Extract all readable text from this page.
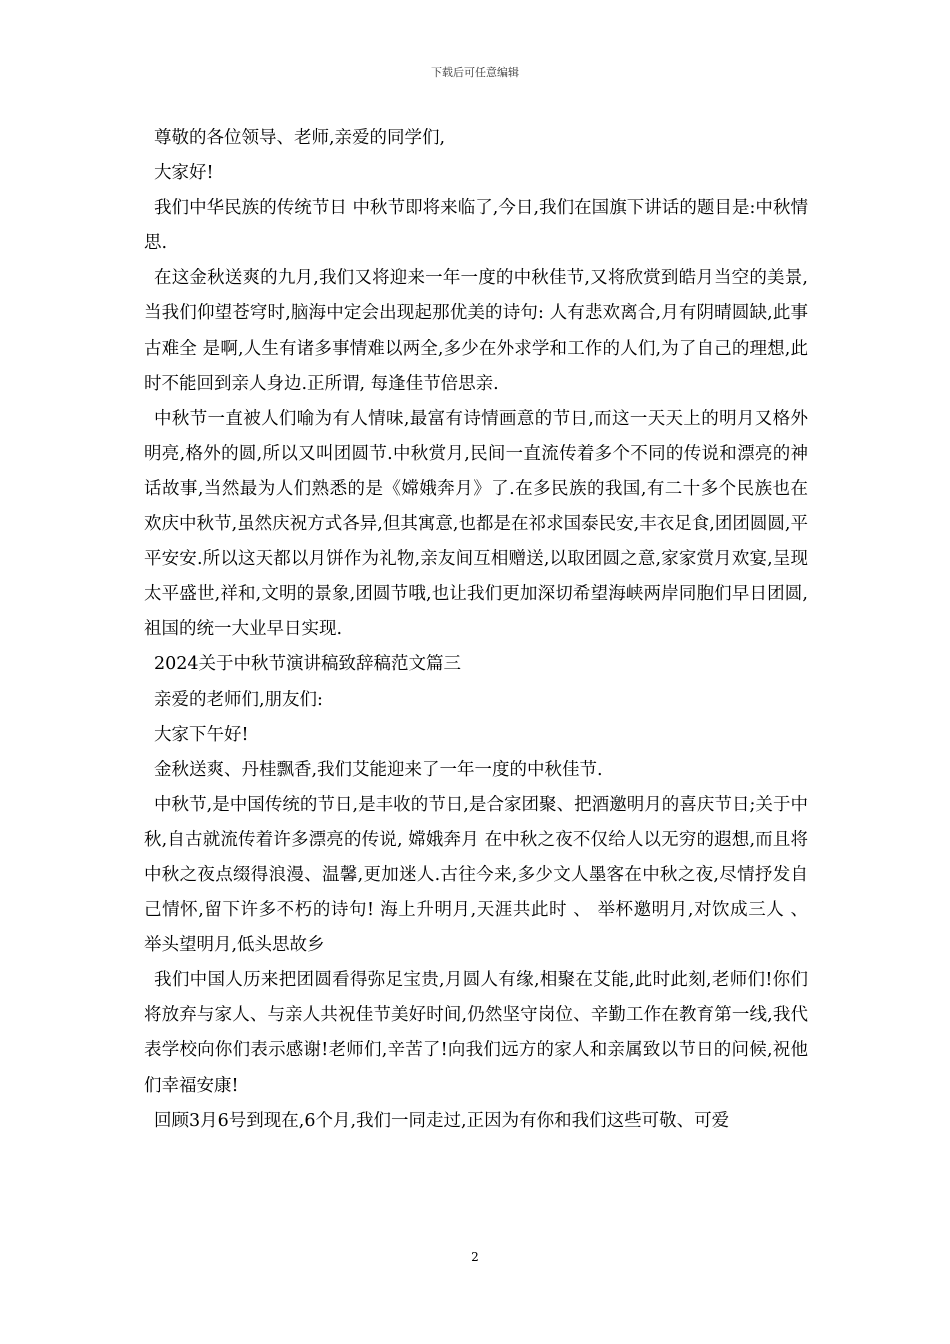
下载后可任意编辑

尊敬的各位领导、老师,亲爱的同学们,

大家好!

我们中华民族的传统节日 中秋节即将来临了,今日,我们在国旗下讲话的题目是:中秋情思.

在这金秋送爽的九月,我们又将迎来一年一度的中秋佳节,又将欣赏到皓月当空的美景,当我们仰望苍穹时,脑海中定会出现起那优美的诗句: 人有悲欢离合,月有阴晴圆缺,此事古难全 是啊,人生有诸多事情难以两全,多少在外求学和工作的人们,为了自己的理想,此时不能回到亲人身边.正所谓, 每逢佳节倍思亲.

中秋节一直被人们喻为有人情味,最富有诗情画意的节日,而这一天天上的明月又格外明亮,格外的圆,所以又叫团圆节.中秋赏月,民间一直流传着多个不同的传说和漂亮的神话故事,当然最为人们熟悉的是《嫦娥奔月》了.在多民族的我国,有二十多个民族也在欢庆中秋节,虽然庆祝方式各异,但其寓意,也都是在祁求国泰民安,丰衣足食,团团圆圆,平平安安.所以这天都以月饼作为礼物,亲友间互相赠送,以取团圆之意,家家赏月欢宴,呈现太平盛世,祥和,文明的景象,团圆节哦,也让我们更加深切希望海峡两岸同胞们早日团圆,祖国的统一大业早日实现.

2024关于中秋节演讲稿致辞稿范文篇三

亲爱的老师们,朋友们:

大家下午好!

金秋送爽、丹桂飘香,我们艾能迎来了一年一度的中秋佳节.

中秋节,是中国传统的节日,是丰收的节日,是合家团聚、把酒邀明月的喜庆节日;关于中秋,自古就流传着许多漂亮的传说, 嫦娥奔月 在中秋之夜不仅给人以无穷的遐想,而且将中秋之夜点缀得浪漫、温馨,更加迷人.古往今来,多少文人墨客在中秋之夜,尽情抒发自己情怀,留下许多不朽的诗句! 海上升明月,天涯共此时 、 举杯邀明月,对饮成三人 、 举头望明月,低头思故乡

我们中国人历来把团圆看得弥足宝贵,月圆人有缘,相聚在艾能,此时此刻,老师们!你们将放弃与家人、与亲人共祝佳节美好时间,仍然坚守岗位、辛勤工作在教育第一线,我代表学校向你们表示感谢!老师们,辛苦了!向我们远方的家人和亲属致以节日的问候,祝他们幸福安康!

回顾3月6号到现在,6个月,我们一同走过,正因为有你和我们这些可敬、可爱

2
